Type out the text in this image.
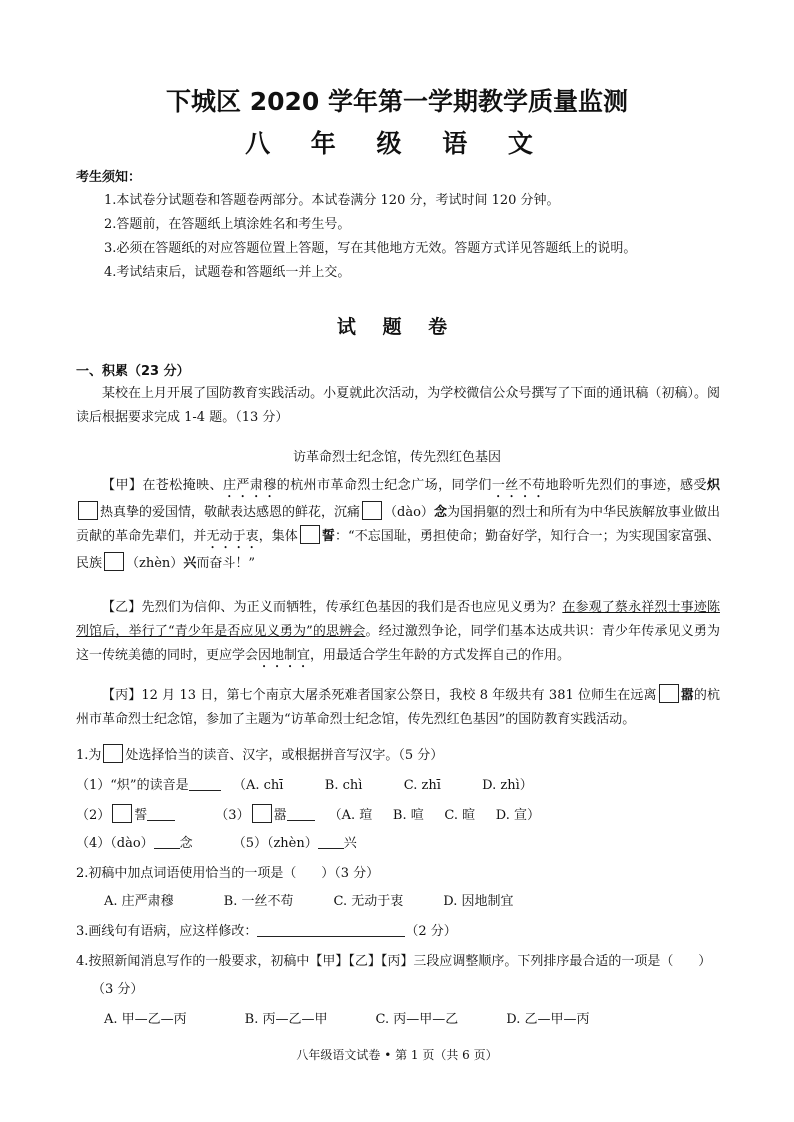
下城区 2020 学年第一学期教学质量监测
八 年 级 语 文
考生须知：
1.本试卷分试题卷和答题卷两部分。本试卷满分 120 分，考试时间 120 分钟。
2.答题前，在答题纸上填涂姓名和考生号。
3.必须在答题纸的对应答题位置上答题，写在其他地方无效。答题方式详见答题纸上的说明。
4.考试结束后，试题卷和答题纸一并上交。
试 题 卷
一、积累（23 分）
某校在上月开展了国防教育实践活动。小夏就此次活动，为学校微信公众号撰写了下面的通讯稿（初稿）。阅读后根据要求完成 1-4 题。（13 分）
访革命烈士纪念馆，传先烈红色基因
【甲】在苍松掩映、庄严肃穆的杭州市革命烈士纪念广场，同学们一丝不苟地聆听先烈们的事迹，感受炽热真挚的爱国情，敬献表达感恩的鲜花，沉痛 （dào）念为国捐躯的烈士和所有为中华民族解放事业做出贡献的革命先辈们，并无动于衷，集体 誓：“不忘国耻，勇担使命；勤奋好学，知行合一；为实现国家富强、民族 （zhèn）兴而奋斗！”
【乙】先烈们为信仰、为正义而牺牲，传承红色基因的我们是否也应见义勇为？在参观了蔡永祥烈士事迹陈列馆后，举行了“青少年是否应见义勇为”的思辨会。经过激烈争论，同学们基本达成共识：青少年传承见义勇为这一传统美德的同时，更应学会因地制宜，用最适合学生年龄的方式发挥自己的作用。
【丙】12 月 13 日，第七个南京大屠杀死难者国家公祭日，我校 8 年级共有 381 位师生在远离 嚣的杭州市革命烈士纪念馆，参加了主题为“访革命烈士纪念馆，传先烈红色基因”的国防教育实践活动。
1.为 处选择恰当的读音、汉字，或根据拼音写汉字。（5 分）
（1）“炽”的读音是	（A. chī          B. chì          C. zhī          D. zhì）
（2） 誓	（3） 嚣	（A. 瑄     B. 喧     C. 暄     D. 宣）
（4）（dào） 念	（5）（zhèn） 兴
2.初稿中加点词语使用恰当的一项是（      ）（3 分）
A. 庄严肃穆	B. 一丝不苟	C. 无动于衷	D. 因地制宜
3.画线句有语病，应这样修改：	（2 分）
4.按照新闻消息写作的一般要求，初稿中【甲】【乙】【丙】三段应调整顺序。下列排序最合适的一项是（      ）
（3 分）
A. 甲—乙—丙	B. 丙—乙—甲	C. 丙—甲—乙	D. 乙—甲—丙
八年级语文试卷 • 第 1 页（共 6 页）
